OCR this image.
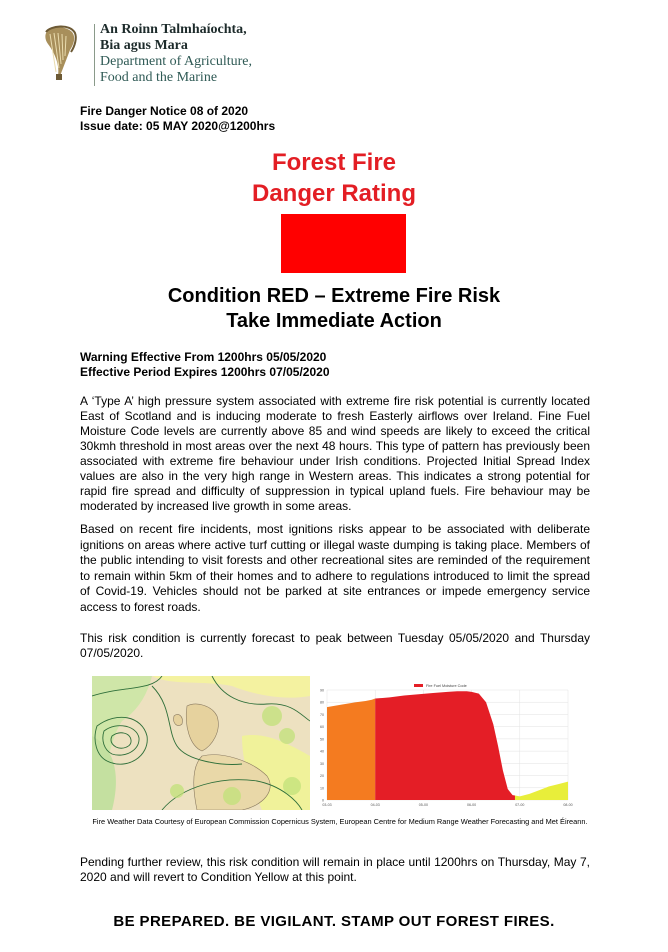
An Roinn Talmhaíochta,
Bia agus Mara
Department of Agriculture,
Food and the Marine
Fire Danger Notice 08 of 2020
Issue date: 05 MAY 2020@1200hrs
Forest Fire
Danger Rating
Condition RED – Extreme Fire Risk
Take Immediate Action
Warning Effective From 1200hrs 05/05/2020
Effective Period Expires 1200hrs 07/05/2020
A ‘Type A’ high pressure system associated with extreme fire risk potential is currently located East of Scotland and is inducing moderate to fresh Easterly airflows over Ireland. Fine Fuel Moisture Code levels are currently above 85 and wind speeds are likely to exceed the critical 30kmh threshold in most areas over the next 48 hours. This type of pattern has previously been associated with extreme fire behaviour under Irish conditions. Projected Initial Spread Index values are also in the very high range in Western areas. This indicates a strong potential for rapid fire spread and difficulty of suppression in typical upland fuels. Fire behaviour may be moderated by increased live growth in some areas.
Based on recent fire incidents, most ignitions risks appear to be associated with deliberate ignitions on areas where active turf cutting or illegal waste dumping is taking place. Members of the public intending to visit forests and other recreational sites are reminded of the requirement to remain within 5km of their homes and to adhere to regulations introduced to limit the spread of Covid-19. Vehicles should not be parked at site entrances or impede emergency service access to forest roads.
This risk condition is currently forecast to peak between Tuesday 05/05/2020 and Thursday 07/05/2020.
0
10
20
30
40
50
60
70
80
90
03-03	04-03	05-00	06-00	07-00	08-00
Fire Fuel Moisture Code
Fire Weather Data Courtesy of European Commission Copernicus System, European Centre for Medium Range Weather Forecasting and Met Éireann.
Pending further review, this risk condition will remain in place until 1200hrs on Thursday, May 7, 2020 and will revert to Condition Yellow at this point.
BE PREPARED. BE VIGILANT. STAMP OUT FOREST FIRES.
